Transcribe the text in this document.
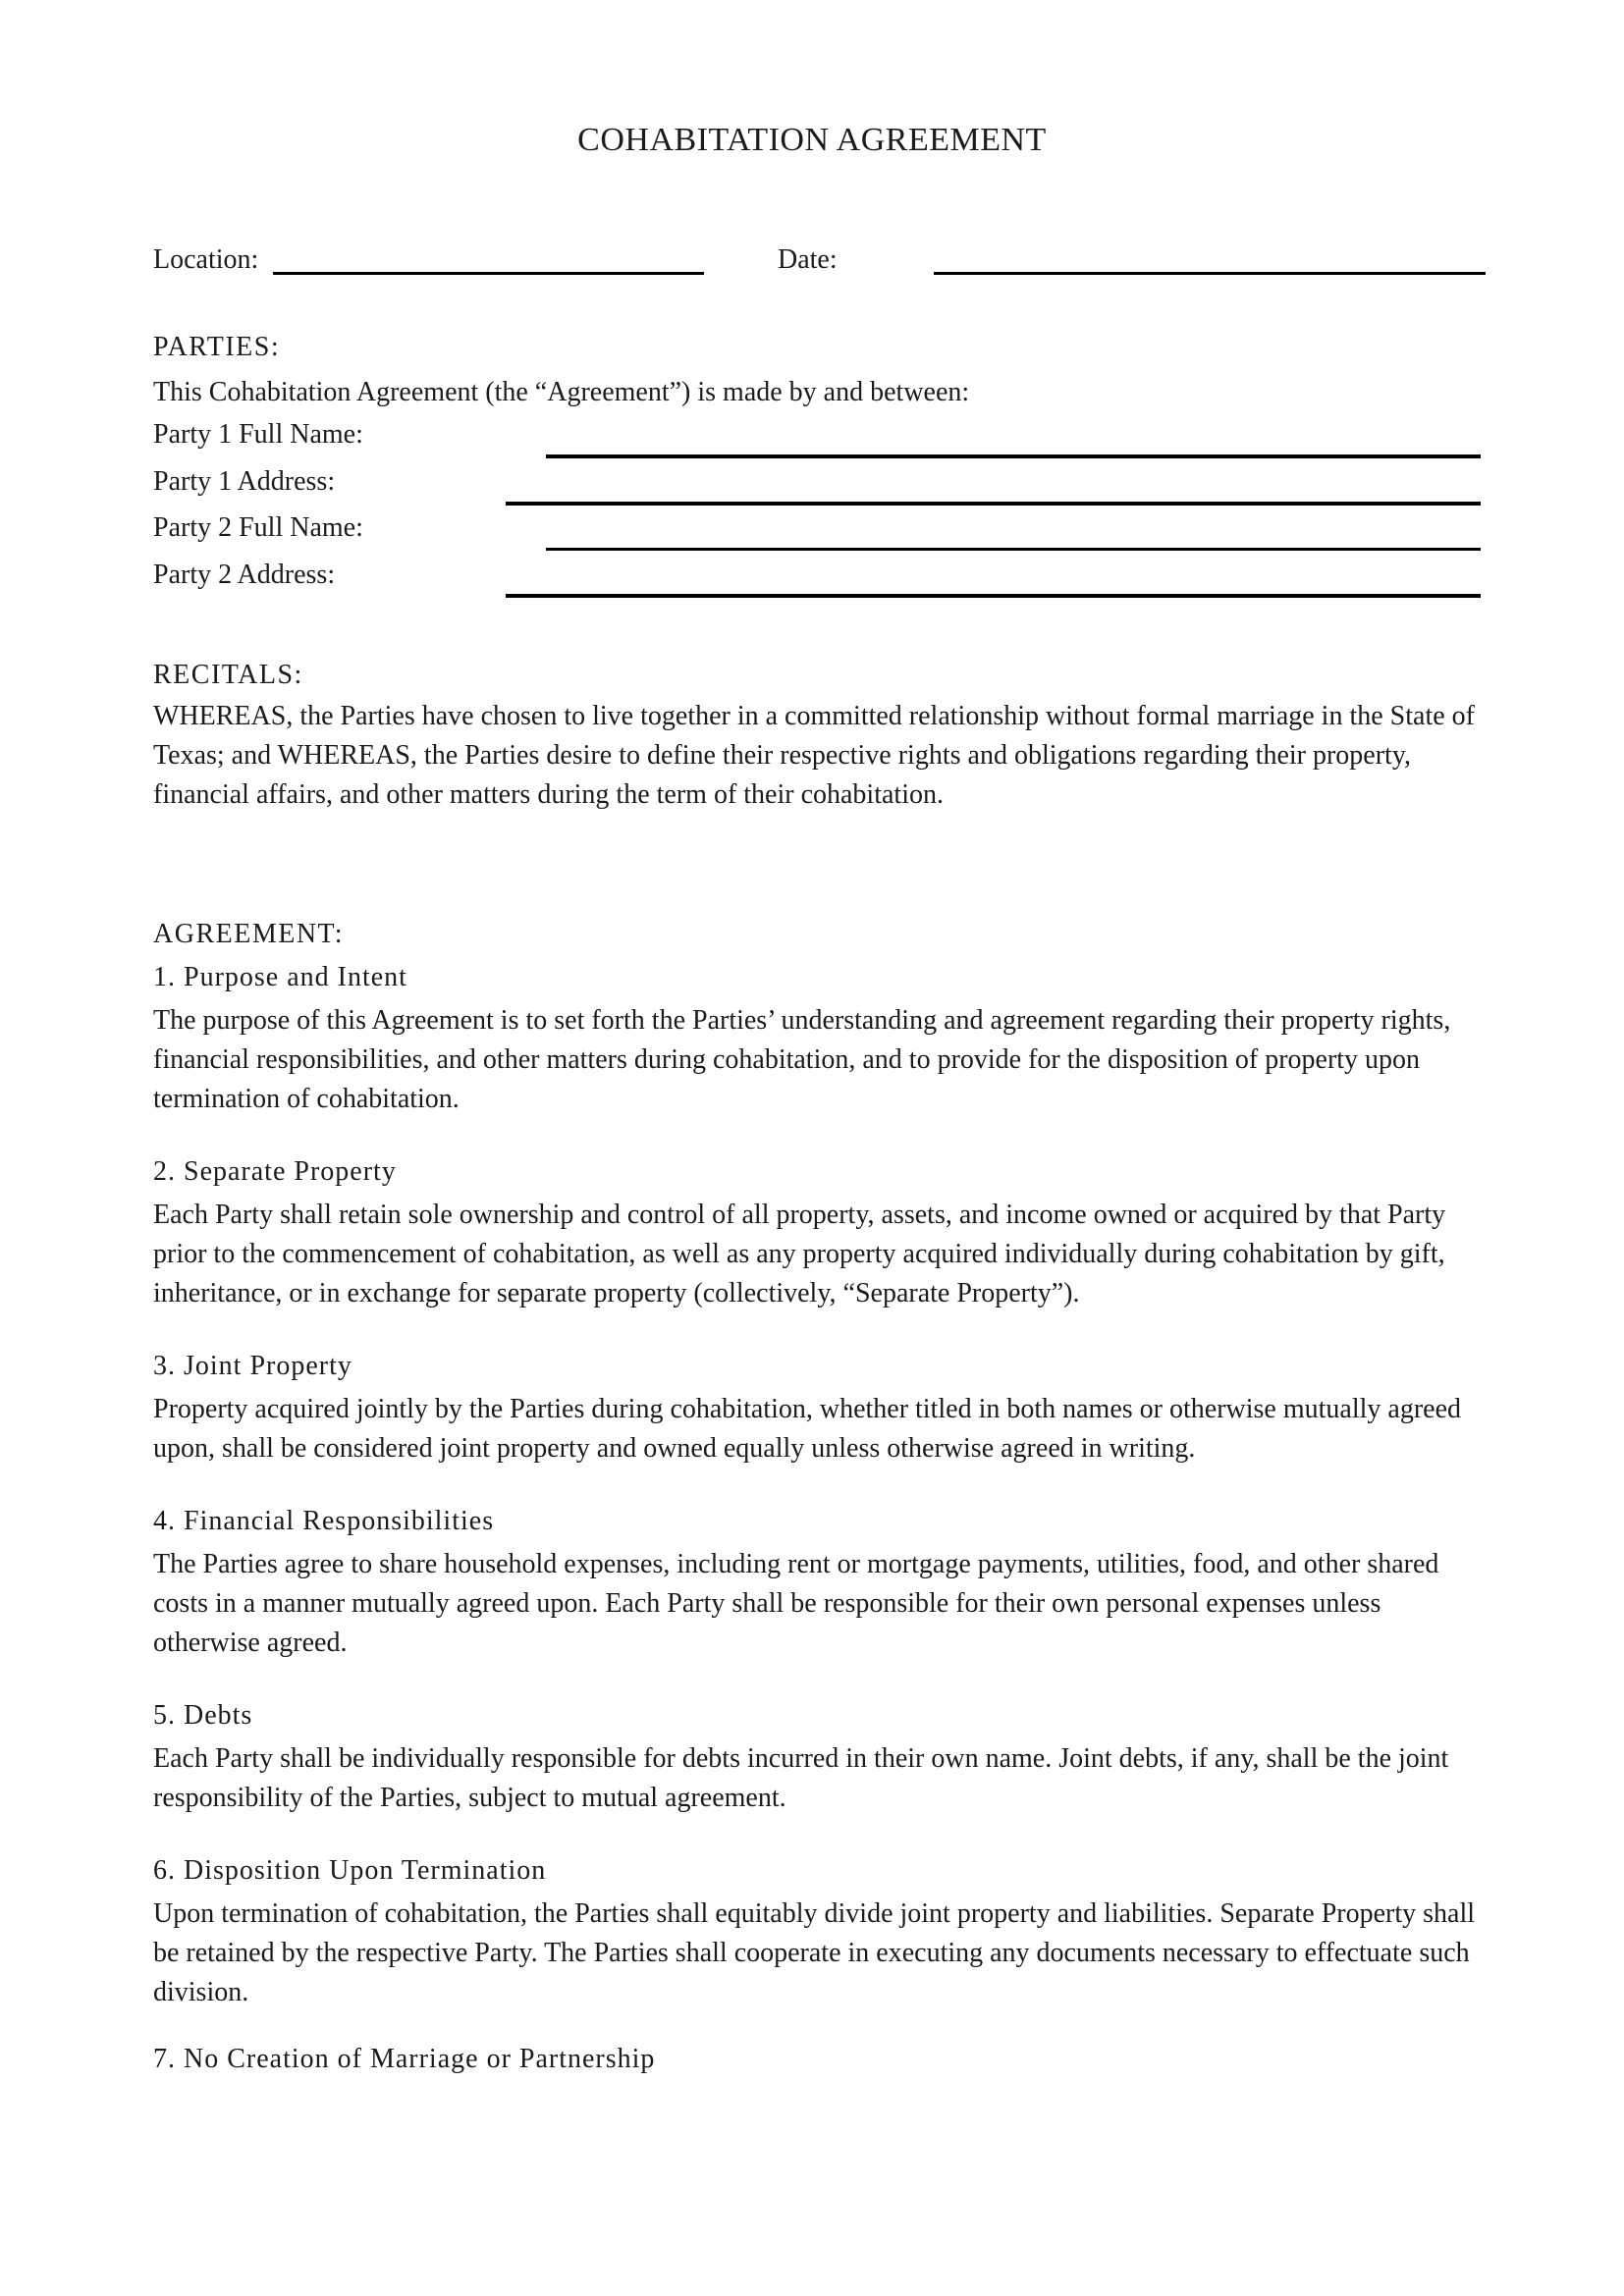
COHABITATION AGREEMENT
Location:	Date:
PARTIES:
This Cohabitation Agreement (the “Agreement”) is made by and between:
Party 1 Full Name:
Party 1 Address:
Party 2 Full Name:
Party 2 Address:
RECITALS:
WHEREAS, the Parties have chosen to live together in a committed relationship without formal marriage in the State of
Texas; and WHEREAS, the Parties desire to define their respective rights and obligations regarding their property,
financial affairs, and other matters during the term of their cohabitation.
AGREEMENT:
1. Purpose and Intent
The purpose of this Agreement is to set forth the Parties’ understanding and agreement regarding their property rights,
financial responsibilities, and other matters during cohabitation, and to provide for the disposition of property upon
termination of cohabitation.
2. Separate Property
Each Party shall retain sole ownership and control of all property, assets, and income owned or acquired by that Party
prior to the commencement of cohabitation, as well as any property acquired individually during cohabitation by gift,
inheritance, or in exchange for separate property (collectively, “Separate Property”).
3. Joint Property
Property acquired jointly by the Parties during cohabitation, whether titled in both names or otherwise mutually agreed
upon, shall be considered joint property and owned equally unless otherwise agreed in writing.
4. Financial Responsibilities
The Parties agree to share household expenses, including rent or mortgage payments, utilities, food, and other shared
costs in a manner mutually agreed upon. Each Party shall be responsible for their own personal expenses unless
otherwise agreed.
5. Debts
Each Party shall be individually responsible for debts incurred in their own name. Joint debts, if any, shall be the joint
responsibility of the Parties, subject to mutual agreement.
6. Disposition Upon Termination
Upon termination of cohabitation, the Parties shall equitably divide joint property and liabilities. Separate Property shall
be retained by the respective Party. The Parties shall cooperate in executing any documents necessary to effectuate such
division.
7. No Creation of Marriage or Partnership
